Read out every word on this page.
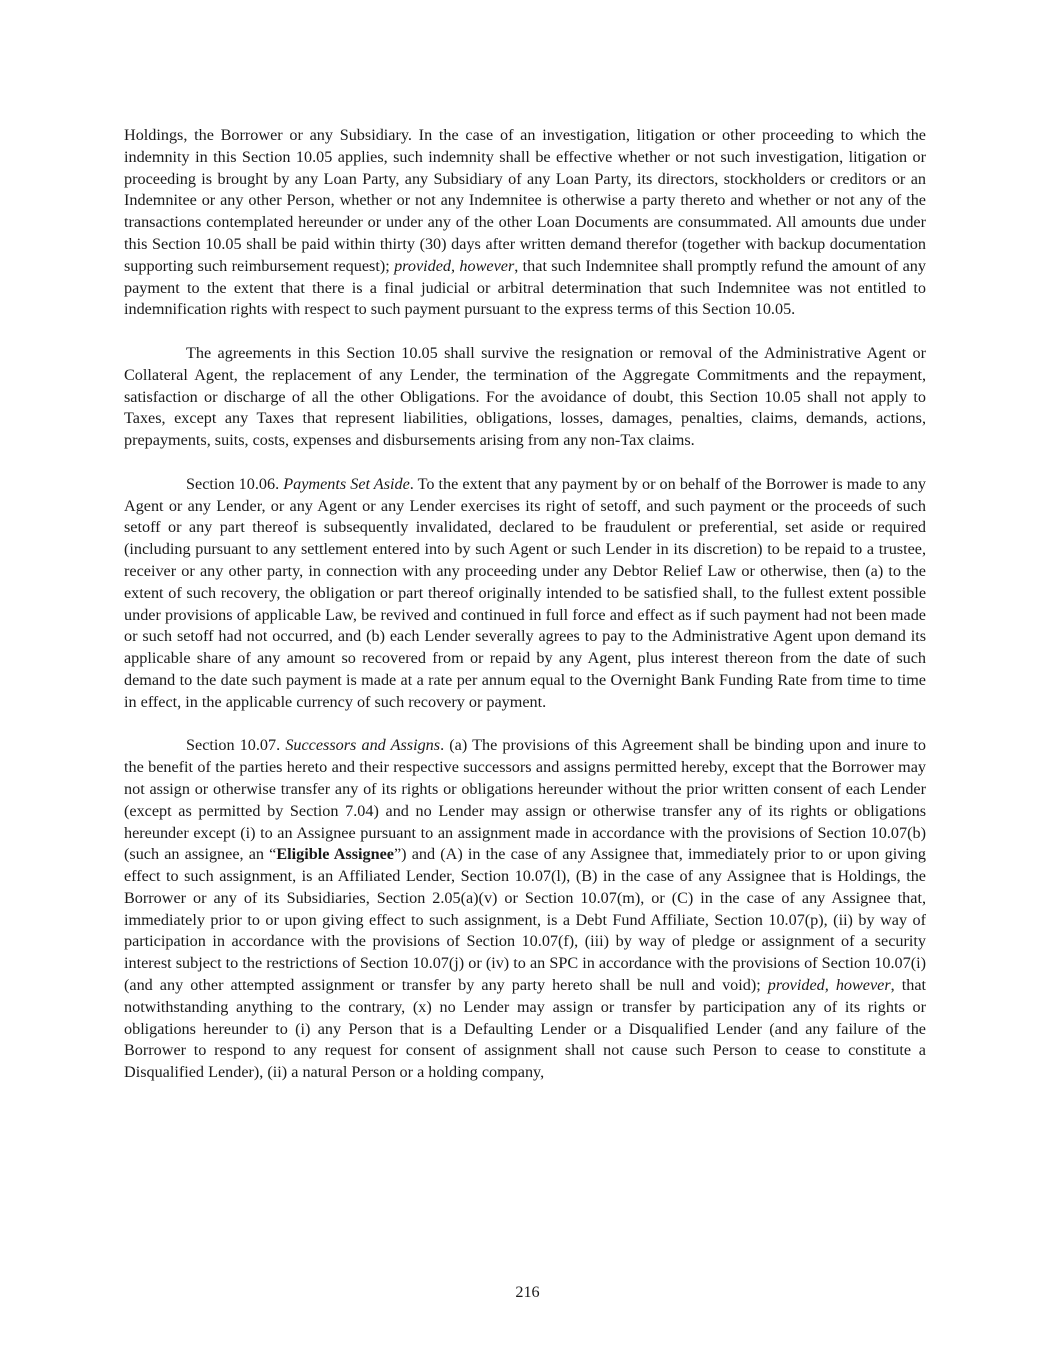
Holdings, the Borrower or any Subsidiary. In the case of an investigation, litigation or other proceeding to which the indemnity in this Section 10.05 applies, such indemnity shall be effective whether or not such investigation, litigation or proceeding is brought by any Loan Party, any Subsidiary of any Loan Party, its directors, stockholders or creditors or an Indemnitee or any other Person, whether or not any Indemnitee is otherwise a party thereto and whether or not any of the transactions contemplated hereunder or under any of the other Loan Documents are consummated. All amounts due under this Section 10.05 shall be paid within thirty (30) days after written demand therefor (together with backup documentation supporting such reimbursement request); provided, however, that such Indemnitee shall promptly refund the amount of any payment to the extent that there is a final judicial or arbitral determination that such Indemnitee was not entitled to indemnification rights with respect to such payment pursuant to the express terms of this Section 10.05.

The agreements in this Section 10.05 shall survive the resignation or removal of the Administrative Agent or Collateral Agent, the replacement of any Lender, the termination of the Aggregate Commitments and the repayment, satisfaction or discharge of all the other Obligations. For the avoidance of doubt, this Section 10.05 shall not apply to Taxes, except any Taxes that represent liabilities, obligations, losses, damages, penalties, claims, demands, actions, prepayments, suits, costs, expenses and disbursements arising from any non-Tax claims.

Section 10.06. Payments Set Aside. To the extent that any payment by or on behalf of the Borrower is made to any Agent or any Lender, or any Agent or any Lender exercises its right of setoff, and such payment or the proceeds of such setoff or any part thereof is subsequently invalidated, declared to be fraudulent or preferential, set aside or required (including pursuant to any settlement entered into by such Agent or such Lender in its discretion) to be repaid to a trustee, receiver or any other party, in connection with any proceeding under any Debtor Relief Law or otherwise, then (a) to the extent of such recovery, the obligation or part thereof originally intended to be satisfied shall, to the fullest extent possible under provisions of applicable Law, be revived and continued in full force and effect as if such payment had not been made or such setoff had not occurred, and (b) each Lender severally agrees to pay to the Administrative Agent upon demand its applicable share of any amount so recovered from or repaid by any Agent, plus interest thereon from the date of such demand to the date such payment is made at a rate per annum equal to the Overnight Bank Funding Rate from time to time in effect, in the applicable currency of such recovery or payment.

Section 10.07. Successors and Assigns. (a) The provisions of this Agreement shall be binding upon and inure to the benefit of the parties hereto and their respective successors and assigns permitted hereby, except that the Borrower may not assign or otherwise transfer any of its rights or obligations hereunder without the prior written consent of each Lender (except as permitted by Section 7.04) and no Lender may assign or otherwise transfer any of its rights or obligations hereunder except (i) to an Assignee pursuant to an assignment made in accordance with the provisions of Section 10.07(b) (such an assignee, an “Eligible Assignee”) and (A) in the case of any Assignee that, immediately prior to or upon giving effect to such assignment, is an Affiliated Lender, Section 10.07(l), (B) in the case of any Assignee that is Holdings, the Borrower or any of its Subsidiaries, Section 2.05(a)(v) or Section 10.07(m), or (C) in the case of any Assignee that, immediately prior to or upon giving effect to such assignment, is a Debt Fund Affiliate, Section 10.07(p), (ii) by way of participation in accordance with the provisions of Section 10.07(f), (iii) by way of pledge or assignment of a security interest subject to the restrictions of Section 10.07(j) or (iv) to an SPC in accordance with the provisions of Section 10.07(i) (and any other attempted assignment or transfer by any party hereto shall be null and void); provided, however, that notwithstanding anything to the contrary, (x) no Lender may assign or transfer by participation any of its rights or obligations hereunder to (i) any Person that is a Defaulting Lender or a Disqualified Lender (and any failure of the Borrower to respond to any request for consent of assignment shall not cause such Person to cease to constitute a Disqualified Lender), (ii) a natural Person or a holding company,

216
